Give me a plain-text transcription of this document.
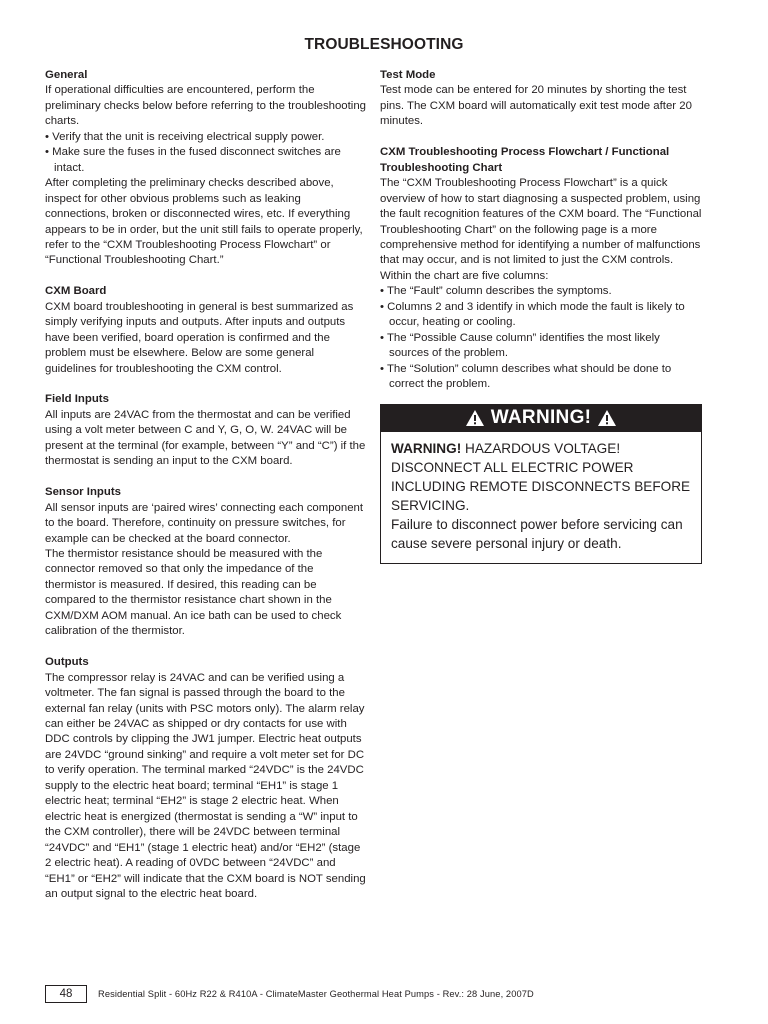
TROUBLESHOOTING

General

If operational difficulties are encountered, perform the preliminary checks below before referring to the troubleshooting charts.

• Verify that the unit is receiving electrical supply power.

• Make sure the fuses in the fused disconnect switches are intact.

After completing the preliminary checks described above, inspect for other obvious problems such as leaking connections, broken or disconnected wires, etc. If everything appears to be in order, but the unit still fails to operate properly, refer to the “CXM Troubleshooting Process Flowchart” or “Functional Troubleshooting Chart.”

CXM Board

CXM board troubleshooting in general is best summarized as simply verifying inputs and outputs. After inputs and outputs have been verified, board operation is confirmed and the problem must be elsewhere. Below are some general guidelines for troubleshooting the CXM control.

Field Inputs

All inputs are 24VAC from the thermostat and can be verified using a volt meter between C and Y, G, O, W. 24VAC will be present at the terminal (for example, between “Y” and “C”) if the thermostat is sending an input to the CXM board.

Sensor Inputs

All sensor inputs are ‘paired wires’ connecting each component to the board. Therefore, continuity on pressure switches, for example can be checked at the board connector.

The thermistor resistance should be measured with the connector removed so that only the impedance of the thermistor is measured. If desired, this reading can be compared to the thermistor resistance chart shown in the CXM/DXM AOM manual. An ice bath can be used to check calibration of the thermistor.

Outputs

The compressor relay is 24VAC and can be verified using a voltmeter. The fan signal is passed through the board to the external fan relay (units with PSC motors only). The alarm relay can either be 24VAC as shipped or dry contacts for use with DDC controls by clipping the JW1 jumper. Electric heat outputs are 24VDC “ground sinking” and require a volt meter set for DC to verify operation. The terminal marked “24VDC” is the 24VDC supply to the electric heat board; terminal “EH1” is stage 1 electric heat; terminal “EH2” is stage 2 electric heat. When electric heat is energized (thermostat is sending a “W” input to the CXM controller), there will be 24VDC between terminal “24VDC” and “EH1” (stage 1 electric heat) and/or “EH2” (stage 2 electric heat). A reading of 0VDC between “24VDC” and “EH1” or “EH2” will indicate that the CXM board is NOT sending an output signal to the electric heat board.

Test Mode

Test mode can be entered for 20 minutes by shorting the test pins. The CXM board will automatically exit test mode after 20 minutes.

CXM Troubleshooting Process Flowchart / Functional Troubleshooting Chart

The “CXM Troubleshooting Process Flowchart” is a quick overview of how to start diagnosing a suspected problem, using the fault recognition features of the CXM board. The “Functional Troubleshooting Chart” on the following page is a more comprehensive method for identifying a number of malfunctions that may occur, and is not limited to just the CXM controls. Within the chart are five columns:

• The “Fault” column describes the symptoms.

• Columns 2 and 3 identify in which mode the fault is likely to occur, heating or cooling.

• The “Possible Cause column” identifies the most likely sources of the problem.

• The “Solution” column describes what should be done to correct the problem.

WARNING!

WARNING! HAZARDOUS VOLTAGE! DISCONNECT ALL ELECTRIC POWER INCLUDING REMOTE DISCONNECTS BEFORE SERVICING.

Failure to disconnect power before servicing can cause severe personal injury or death.

48	Residential Split - 60Hz R22 & R410A - ClimateMaster Geothermal Heat Pumps - Rev.: 28 June, 2007D
